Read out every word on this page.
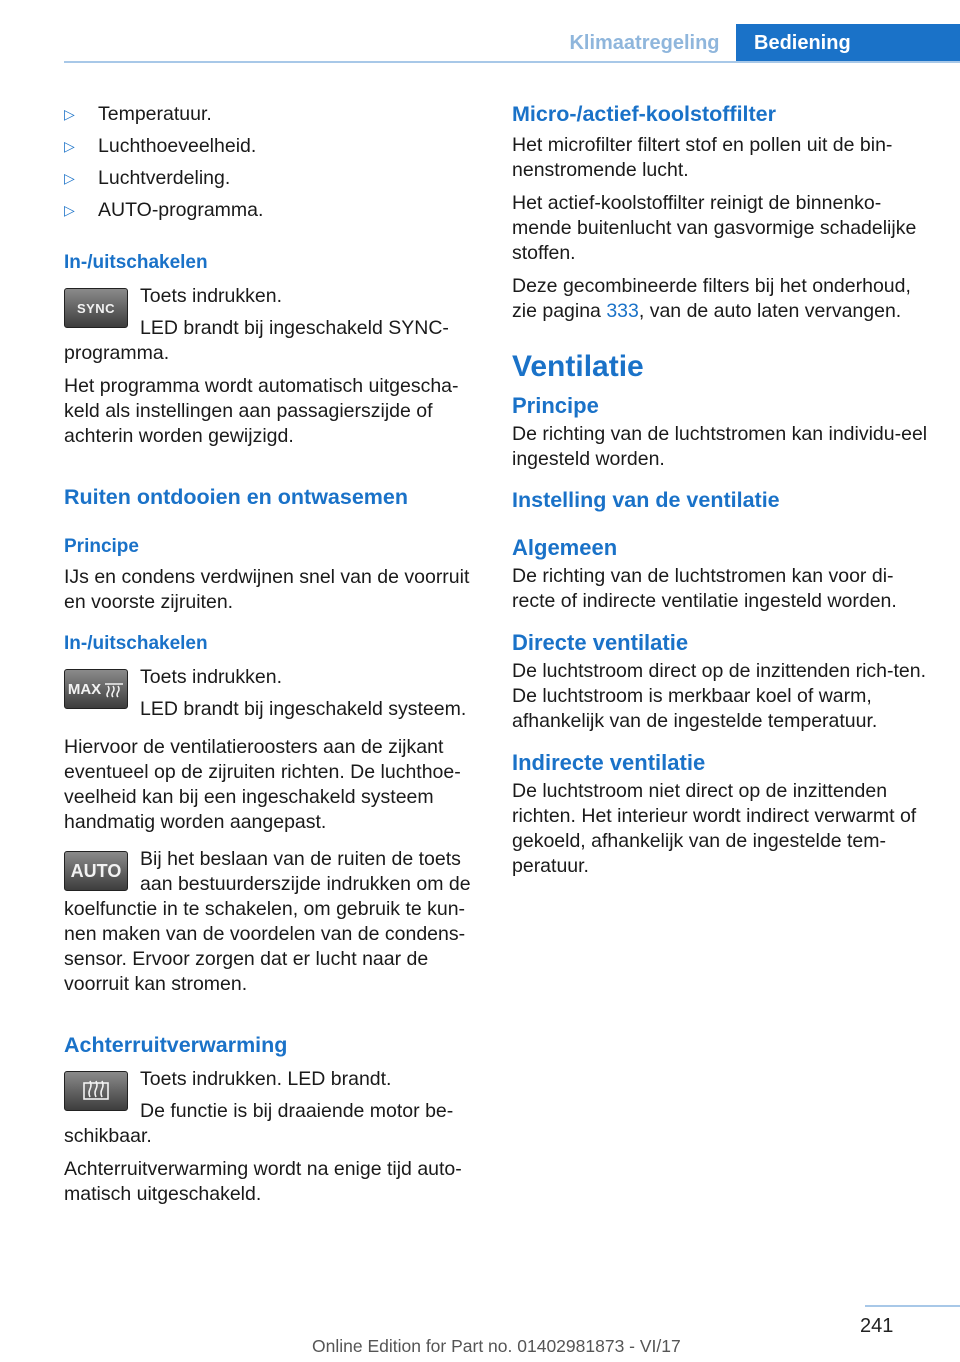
Klimaatregeling	Bediening
▷	Temperatuur.
▷	Luchthoeveelheid.
▷	Luchtverdeling.
▷	AUTO-programma.

In-/uitschakelen

SYNC

Toets indrukken.

LED brandt bij ingeschakeld SYNC-

programma.

Het programma wordt automatisch uitgescha-keld als instellingen aan passagierszijde of achterin worden gewijzigd.

Ruiten ontdooien en ontwasemen

Principe

IJs en condens verdwijnen snel van de voorruit en voorste zijruiten.

In-/uitschakelen

MAX

Toets indrukken.

LED brandt bij ingeschakeld systeem.

Hiervoor de ventilatieroosters aan de zijkant eventueel op de zijruiten richten. De luchthoe-veelheid kan bij een ingeschakeld systeem handmatig worden aangepast.

AUTO

Bij het beslaan van de ruiten de toets aan bestuurderszijde indrukken om de

koelfunctie in te schakelen, om gebruik te kun-nen maken van de voordelen van de condens-sensor. Ervoor zorgen dat er lucht naar de voorruit kan stromen.

Achterruitverwarming

Toets indrukken. LED brandt.

De functie is bij draaiende motor be-

schikbaar.

Achterruitverwarming wordt na enige tijd auto-matisch uitgeschakeld.

Micro-/actief-koolstoffilter

Het microfilter filtert stof en pollen uit de bin-nenstromende lucht.

Het actief-koolstoffilter reinigt de binnenko-mende buitenlucht van gasvormige schadelijke stoffen.

Deze gecombineerde filters bij het onderhoud, zie pagina 333, van de auto laten vervangen.

Ventilatie

Principe

De richting van de luchtstromen kan individu-eel ingesteld worden.

Instelling van de ventilatie

Algemeen

De richting van de luchtstromen kan voor di-recte of indirecte ventilatie ingesteld worden.

Directe ventilatie

De luchtstroom direct op de inzittenden rich-ten. De luchtstroom is merkbaar koel of warm, afhankelijk van de ingestelde temperatuur.

Indirecte ventilatie

De luchtstroom niet direct op de inzittenden richten. Het interieur wordt indirect verwarmt of gekoeld, afhankelijk van de ingestelde tem-peratuur.

241
Online Edition for Part no. 01402981873 - VI/17
